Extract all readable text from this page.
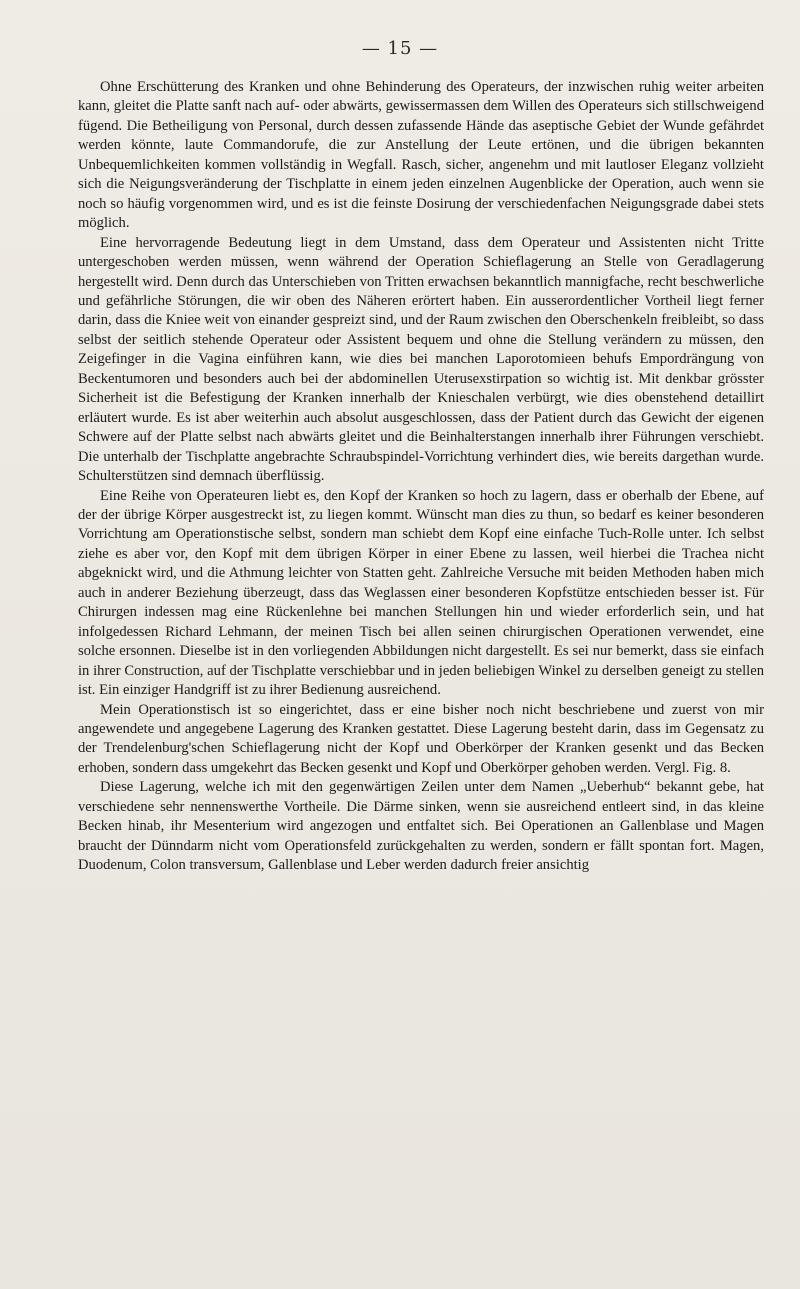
— 15 —

Ohne Erschütterung des Kranken und ohne Behinderung des Operateurs, der inzwischen ruhig weiter arbeiten kann, gleitet die Platte sanft nach auf- oder abwärts, gewissermassen dem Willen des Operateurs sich stillschweigend fügend. Die Betheiligung von Personal, durch dessen zufassende Hände das aseptische Gebiet der Wunde gefährdet werden könnte, laute Commandorufe, die zur Anstellung der Leute ertönen, und die übrigen bekannten Unbequemlichkeiten kommen vollständig in Wegfall. Rasch, sicher, angenehm und mit lautloser Eleganz vollzieht sich die Neigungsveränderung der Tischplatte in einem jeden einzelnen Augenblicke der Operation, auch wenn sie noch so häufig vorgenommen wird, und es ist die feinste Dosirung der verschiedenfachen Neigungsgrade dabei stets möglich.

Eine hervorragende Bedeutung liegt in dem Umstand, dass dem Operateur und Assistenten nicht Tritte untergeschoben werden müssen, wenn während der Operation Schieflagerung an Stelle von Geradlagerung hergestellt wird. Denn durch das Unterschieben von Tritten erwachsen bekanntlich mannigfache, recht beschwerliche und gefährliche Störungen, die wir oben des Näheren erörtert haben. Ein ausserordentlicher Vortheil liegt ferner darin, dass die Kniee weit von einander gespreizt sind, und der Raum zwischen den Oberschenkeln freibleibt, so dass selbst der seitlich stehende Operateur oder Assistent bequem und ohne die Stellung verändern zu müssen, den Zeigefinger in die Vagina einführen kann, wie dies bei manchen Laporotomieen behufs Empordrängung von Beckentumoren und besonders auch bei der abdominellen Uterusexstirpation so wichtig ist. Mit denkbar grösster Sicherheit ist die Befestigung der Kranken innerhalb der Knieschalen verbürgt, wie dies obenstehend detaillirt erläutert wurde. Es ist aber weiterhin auch absolut ausgeschlossen, dass der Patient durch das Gewicht der eigenen Schwere auf der Platte selbst nach abwärts gleitet und die Beinhalterstangen innerhalb ihrer Führungen verschiebt. Die unterhalb der Tischplatte angebrachte Schraubspindel-Vorrichtung verhindert dies, wie bereits dargethan wurde. Schulterstützen sind demnach überflüssig.

Eine Reihe von Operateuren liebt es, den Kopf der Kranken so hoch zu lagern, dass er oberhalb der Ebene, auf der der übrige Körper ausgestreckt ist, zu liegen kommt. Wünscht man dies zu thun, so bedarf es keiner besonderen Vorrichtung am Operationstische selbst, sondern man schiebt dem Kopf eine einfache Tuch-Rolle unter. Ich selbst ziehe es aber vor, den Kopf mit dem übrigen Körper in einer Ebene zu lassen, weil hierbei die Trachea nicht abgeknickt wird, und die Athmung leichter von Statten geht. Zahlreiche Versuche mit beiden Methoden haben mich auch in anderer Beziehung überzeugt, dass das Weglassen einer besonderen Kopfstütze entschieden besser ist. Für Chirurgen indessen mag eine Rückenlehne bei manchen Stellungen hin und wieder erforderlich sein, und hat infolgedessen Richard Lehmann, der meinen Tisch bei allen seinen chirurgischen Operationen verwendet, eine solche ersonnen. Dieselbe ist in den vorliegenden Abbildungen nicht dargestellt. Es sei nur bemerkt, dass sie einfach in ihrer Construction, auf der Tischplatte verschiebbar und in jeden beliebigen Winkel zu derselben geneigt zu stellen ist. Ein einziger Handgriff ist zu ihrer Bedienung ausreichend.

Mein Operationstisch ist so eingerichtet, dass er eine bisher noch nicht beschriebene und zuerst von mir angewendete und angegebene Lagerung des Kranken gestattet. Diese Lagerung besteht darin, dass im Gegensatz zu der Trendelenburg'schen Schieflagerung nicht der Kopf und Oberkörper der Kranken gesenkt und das Becken erhoben, sondern dass umgekehrt das Becken gesenkt und Kopf und Oberkörper gehoben werden. Vergl. Fig. 8.

Diese Lagerung, welche ich mit den gegenwärtigen Zeilen unter dem Namen „Ueberhub“ bekannt gebe, hat verschiedene sehr nennenswerthe Vortheile. Die Därme sinken, wenn sie ausreichend entleert sind, in das kleine Becken hinab, ihr Mesenterium wird angezogen und entfaltet sich. Bei Operationen an Gallenblase und Magen braucht der Dünndarm nicht vom Operationsfeld zurückgehalten zu werden, sondern er fällt spontan fort. Magen, Duodenum, Colon transversum, Gallenblase und Leber werden dadurch freier ansichtig
